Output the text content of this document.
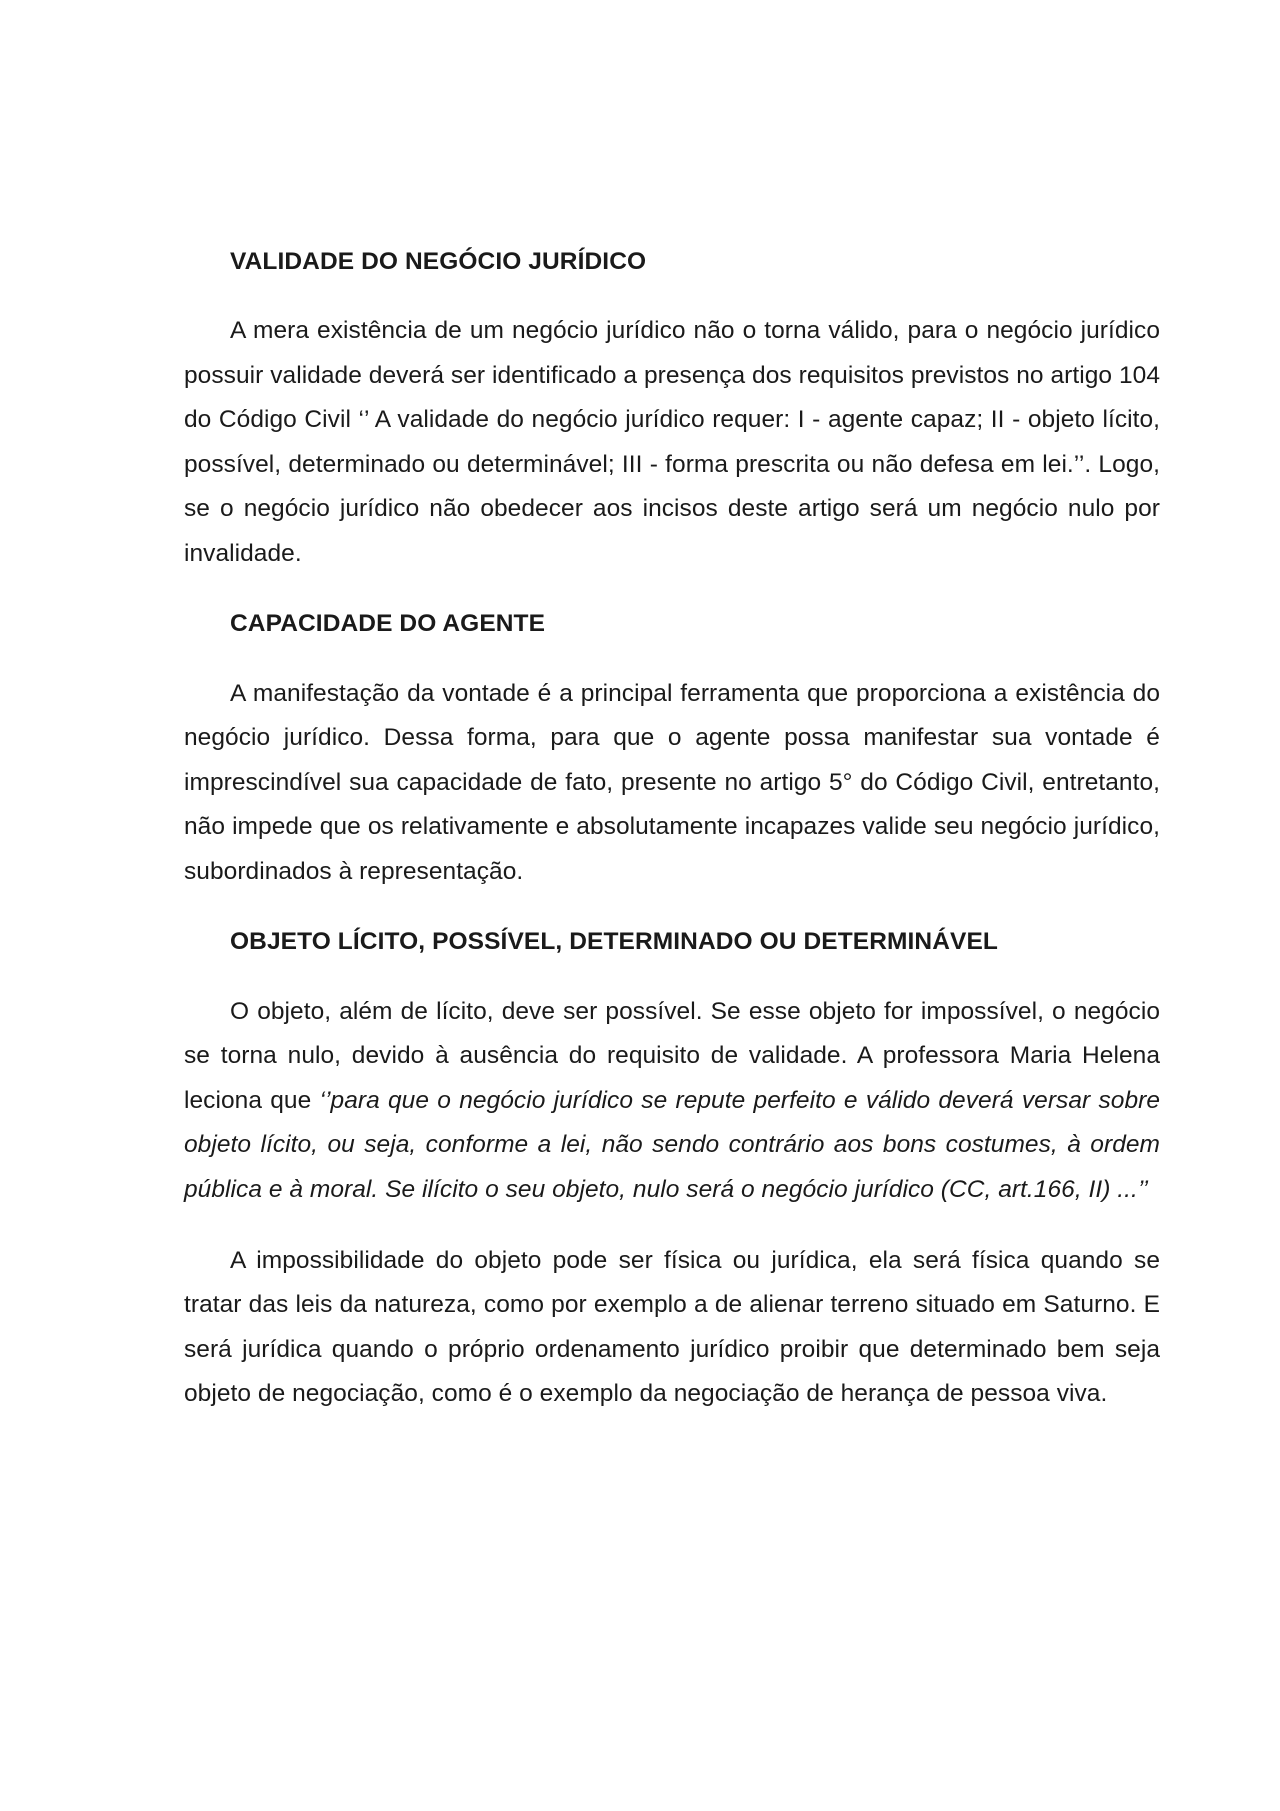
VALIDADE DO NEGÓCIO JURÍDICO

A mera existência de um negócio jurídico não o torna válido, para o negócio jurídico possuir validade deverá ser identificado a presença dos requisitos previstos no artigo 104 do Código Civil ‘’ A validade do negócio jurídico requer: I - agente capaz; II - objeto lícito, possível, determinado ou determinável; III - forma prescrita ou não defesa em lei.’’. Logo, se o negócio jurídico não obedecer aos incisos deste artigo será um negócio nulo por invalidade.

CAPACIDADE DO AGENTE

A manifestação da vontade é a principal ferramenta que proporciona a existência do negócio jurídico. Dessa forma, para que o agente possa manifestar sua vontade é imprescindível sua capacidade de fato, presente no artigo 5° do Código Civil, entretanto, não impede que os relativamente e absolutamente incapazes valide seu negócio jurídico, subordinados à representação.

OBJETO LÍCITO, POSSÍVEL, DETERMINADO OU DETERMINÁVEL

O objeto, além de lícito, deve ser possível. Se esse objeto for impossível, o negócio se torna nulo, devido à ausência do requisito de validade. A professora Maria Helena leciona que ‘’para que o negócio jurídico se repute perfeito e válido deverá versar sobre objeto lícito, ou seja, conforme a lei, não sendo contrário aos bons costumes, à ordem pública e à moral. Se ilícito o seu objeto, nulo será o negócio jurídico (CC, art.166, II) ...’’

A impossibilidade do objeto pode ser física ou jurídica, ela será física quando se tratar das leis da natureza, como por exemplo a de alienar terreno situado em Saturno. E será jurídica quando o próprio ordenamento jurídico proibir que determinado bem seja objeto de negociação, como é o exemplo da negociação de herança de pessoa viva.
